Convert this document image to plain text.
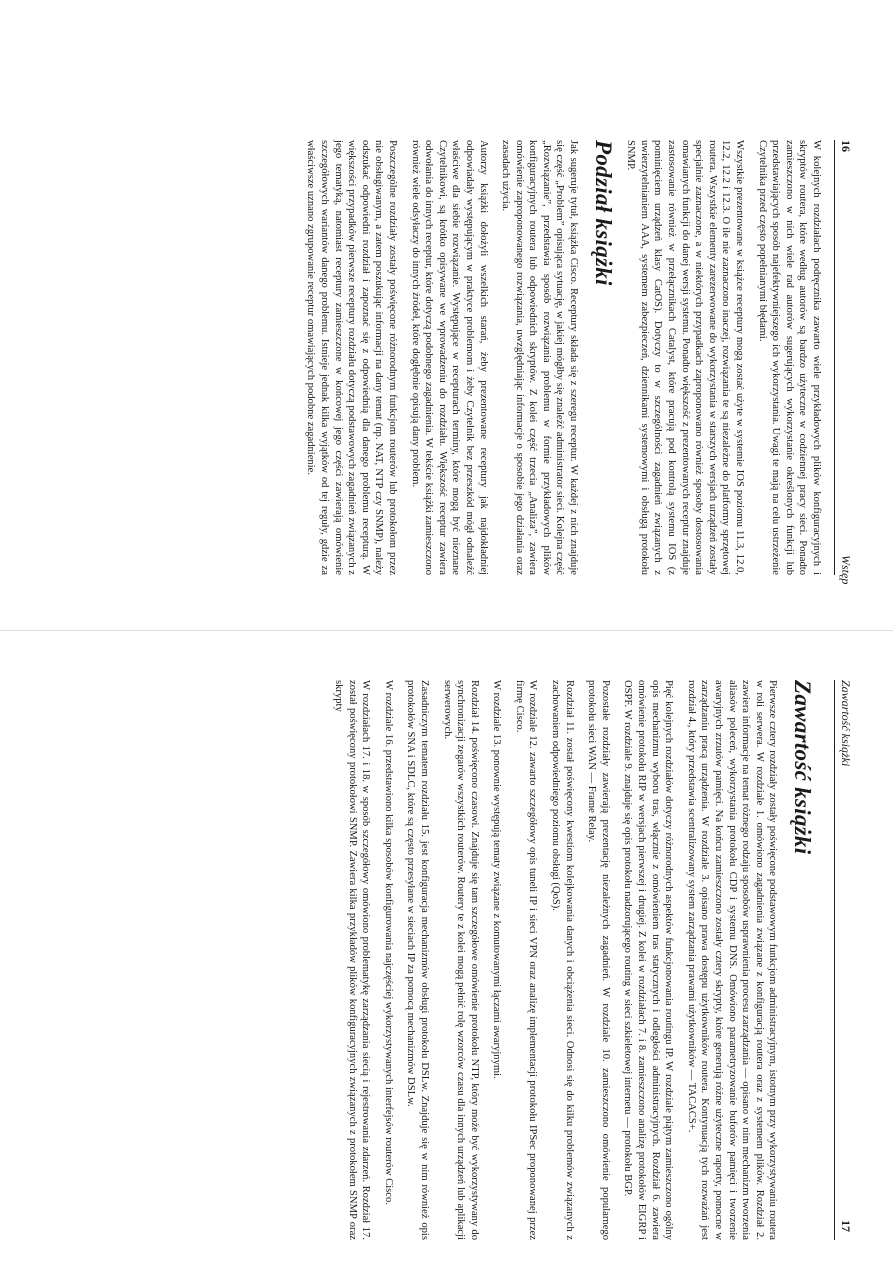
16
Wstęp

W kolejnych rozdziałach podręcznika zawarto wiele przykładowych plików konfiguracyjnych i skryptów routera, które według autorów są bardzo użyteczne w codziennej pracy sieci. Ponadto zamieszczono w nich wiele rad autorów sugerujących wykorzystanie określonych funkcji lub przedstawiających sposób najefektywniejszego ich wykorzystania. Uwagi te mają na celu ustrzeżenie Czytelnika przed często popełnianymi błędami.

Wszystkie prezentowane w książce receptury mogą zostać użyte w systemie IOS poziomu 11.3, 12.0, 12.2, 12.2 i 12.3. O ile nie zaznaczono inaczej, rozwiązania te są niezależne do platformy sprzętowej routera. Wszystkie elementy zarezerwowane do wykorzystania w starszych wersjach urządzeń zostały specjalnie zaznaczone, a w niektórych przypadkach zaproponowano również sposoby dostosowania omawianych funkcji do danej wersji systemu. Ponadto większość z prezentowanych receptur znajduje zastosowanie również w przełącznikach Catalyst, które pracują pod kontrolą systemu IOS (z pominięciem urządzeń klasy CatOS). Dotyczy to w szczególności zagadnień związanych z uwierzytelnianiem AAA, systemem zabezpieczeń, dziennikami systemowymi i obsługą protokołu SNMP.

Podział książki

Jak sugeruje tytuł, książka Cisco. Receptury składa się z szeregu receptur. W każdej z nich znajduje się część „Problem” opisująca sytuację, w jakiej mógłby się znaleźć administrator sieci. Kolejna część „Rozwiązanie”, przedstawia sposób rozwiązania problemu w formie przykładowych plików konfiguracyjnych routera lub odpowiednich skryptów. Z kolei część trzecia „Analiza”, zawiera omówienie zaproponowanego rozwiązania, uwzględniając informacje o sposobie jego działania oraz zasadach użycia.

Autorzy książki dołożyli wszelkich starań, żeby prezentowane receptury jak najdokładniej odpowiadały występującym w praktyce problemom i żeby Czytelnik bez przeszkód mógł odnaleźć właściwe dla siebie rozwiązanie. Występujące w recepturach terminy, które mogą być nieznane Czytelnikowi, są krótko opisywane we wprowadzeniu do rozdziału. Większość receptur zawiera odwołania do innych receptur, które dotyczą podobnego zagadnienia. W tekście książki zamieszczono również wiele odsyłaczy do innych źródeł, które dogłębnie opisują dany problem.

Poszczególne rozdziały zostały poświęcone różnorodnym funkcjom routerów lub protokołom przez nie obsługiwanym, a zatem poszukując informacji na dany temat (np. NAT, NTP czy SNMP), należy odszukać odpowiedni rozdział i zapoznać się z odpowiednią dla danego problemu recepturą. W większości przypadków pierwsze receptury rozdziału dotyczą podstawowych zagadnień związanych z jego tematyką, natomiast receptury zamieszczone w końcowej jego części zawierają omówienie szczegółowych wariantów danego problemu. Istnieje jednak kilka wyjątków od tej reguły, gdzie za właściwsze uznano zgrupowanie receptur omawiających podobne zagadnienie.

Zawartość książki
17
Zawartość książki

Pierwsze cztery rozdziały zostały poświęcone podstawowym funkcjom administracyjnym, istotnym przy wykorzystywaniu routera w roli serwera. W rozdziale 1. omówiono zagadnienia związane z konfiguracją routera oraz z systemem plików. Rozdział 2. zawiera informacje na temat różnego rodzaju sposobów usprawnienia procesu zarządzania — opisano w nim mechanizm tworzenia aliasów poleceń, wykorzystania protokołu CDP i systemu DNS. Omówiono parametryzowanie buforów pamięci i tworzenie awaryjnych zrzutów pamięci. Na końcu zamieszczono zostały cztery skrypty, które generują różne użyteczne raporty, pomocne w zarządzaniu pracą urządzenia. W rozdziale 3. opisano prawa dostępu użytkowników routera. Kontynuacją tych rozważań jest rozdział 4., który przedstawia scentralizowany system zarządzania prawami użytkowników — TACACS+.

Pięć kolejnych rozdziałów dotyczy różnorodnych aspektów funkcjonowania routingu IP. W rozdziale piątym zamieszczono ogólny opis mechanizmu wyboru tras, włącznie z omówieniem tras statycznych i odległości administracyjnych. Rozdział 6. zawiera omówienie protokołu RIP w wersjach pierwszej i drugiej. Z kolei w rozdziałach 7. i 8. zamieszczono analizę protokołów EIGRP i OSPF. W rozdziale 9. znajduje się opis protokołu nadzorującego routing w sieci szkieletowej internetu — protokołu BGP.

Pozostałe rozdziały zawierają prezentację niezależnych zagadnień. W rozdziale 10. zamieszczono omówienie popularnego protokołu sieci WAN — Frame Relay.

Rozdział 11. został poświęcony kwestiom kolejkowania danych i obciążenia sieci. Odnosi się do kilku problemów związanych z zachowaniem odpowiedniego poziomu obsługi (QoS).

W rozdziale 12. zawarto szczegółowy opis tuneli IP i sieci VPN oraz analizę implementacji protokołu IPSec proponowanej przez firmę Cisco.

W rozdziale 13. ponownie występują tematy związane z komutowanymi łączami awaryjnymi.

Rozdział 14. poświęcono czasowi. Znajduje się tam szczegółowe omówienie protokołu NTP, który może być wykorzystywany do synchronizacji zegarów wszystkich routerów. Routery te z kolei mogą pełnić rolę wzorców czasu dla innych urządzeń lub aplikacji serwerowych.

Zasadniczym tematem rozdziału 15. jest konfiguracja mechanizmów obsługi protokołu DSLw. Znajduje się w nim również opis protokołów SNA i SDLC, które są często przesyłane w sieciach IP za pomocą mechanizmów DSLw.

W rozdziale 16. przedstawiono kilka sposobów konfigurowania najczęściej wykorzystywanych interfejsów routerów Cisco.

W rozdziałach 17. i 18. w sposób szczegółowy omówiono problematykę zarządzania siecią i rejestrowania zdarzeń. Rozdział 17. został poświęcony protokołowi SNMP. Zawiera kilka przykładów plików konfiguracyjnych związanych z protokołem SNMP oraz skrypty
